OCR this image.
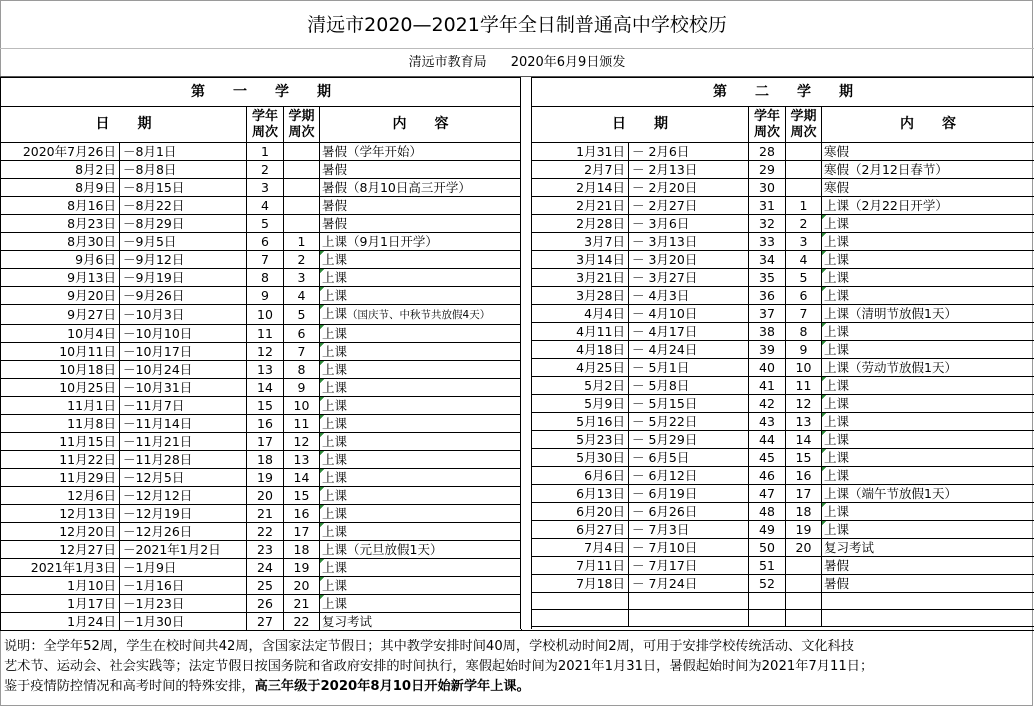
清远市2020—2021学年全日制普通高中学校校历
清远市教育局 2020年6月9日颁发
第　　一　　学　　期				
日　　期		学年周次	学期周次	内　　容
2020年7月26日	－8月1日	1		暑假（学年开始）
8月2日	－8月8日	2		暑假
8月9日	－8月15日	3		暑假（8月10日高三开学）
8月16日	－8月22日	4		暑假
8月23日	－8月29日	5		暑假
8月30日	－9月5日	6	1	上课（9月1日开学）
9月6日	－9月12日	7	2	上课
9月13日	－9月19日	8	3	上课
9月20日	－9月26日	9	4	上课
9月27日	－10月3日	10	5	上课（国庆节、中秋节共放假4天）
10月4日	－10月10日	11	6	上课
10月11日	－10月17日	12	7	上课
10月18日	－10月24日	13	8	上课
10月25日	－10月31日	14	9	上课
11月1日	－11月7日	15	10	上课
11月8日	－11月14日	16	11	上课
11月15日	－11月21日	17	12	上课
11月22日	－11月28日	18	13	上课
11月29日	－12月5日	19	14	上课
12月6日	－12月12日	20	15	上课
12月13日	－12月19日	21	16	上课
12月20日	－12月26日	22	17	上课
12月27日	－2021年1月2日	23	18	上课（元旦放假1天）
2021年1月3日	－1月9日	24	19	上课
1月10日	－1月16日	25	20	上课
1月17日	－1月23日	26	21	上课
1月24日	－1月30日	27	22	复习考试
第　　二　　学　　期				
日　　期		学年周次	学期周次	内　　容
1月31日	－ 2月6日	28		寒假
2月7日	－ 2月13日	29		寒假（2月12日春节）
2月14日	－ 2月20日	30		寒假
2月21日	－ 2月27日	31	1	上课（2月22日开学）
2月28日	－ 3月6日	32	2	上课
3月7日	－ 3月13日	33	3	上课
3月14日	－ 3月20日	34	4	上课
3月21日	－ 3月27日	35	5	上课
3月28日	－ 4月3日	36	6	上课
4月4日	－ 4月10日	37	7	上课（清明节放假1天）
4月11日	－ 4月17日	38	8	上课
4月18日	－ 4月24日	39	9	上课
4月25日	－ 5月1日	40	10	上课（劳动节放假1天）
5月2日	－ 5月8日	41	11	上课
5月9日	－ 5月15日	42	12	上课
5月16日	－ 5月22日	43	13	上课
5月23日	－ 5月29日	44	14	上课
5月30日	－ 6月5日	45	15	上课
6月6日	－ 6月12日	46	16	上课
6月13日	－ 6月19日	47	17	上课（端午节放假1天）
6月20日	－ 6月26日	48	18	上课
6月27日	－ 7月3日	49	19	上课
7月4日	－ 7月10日	50	20	复习考试
7月11日	－ 7月17日	51		暑假
7月18日	－ 7月24日	52		暑假

说明：全学年52周，学生在校时间共42周，含国家法定节假日；其中教学安排时间40周，学校机动时间2周，可用于安排学校传统活动、文化科技
艺术节、运动会、社会实践等；法定节假日按国务院和省政府安排的时间执行，寒假起始时间为2021年1月31日，暑假起始时间为2021年7月11日；
鉴于疫情防控情况和高考时间的特殊安排，高三年级于2020年8月10日开始新学年上课。
